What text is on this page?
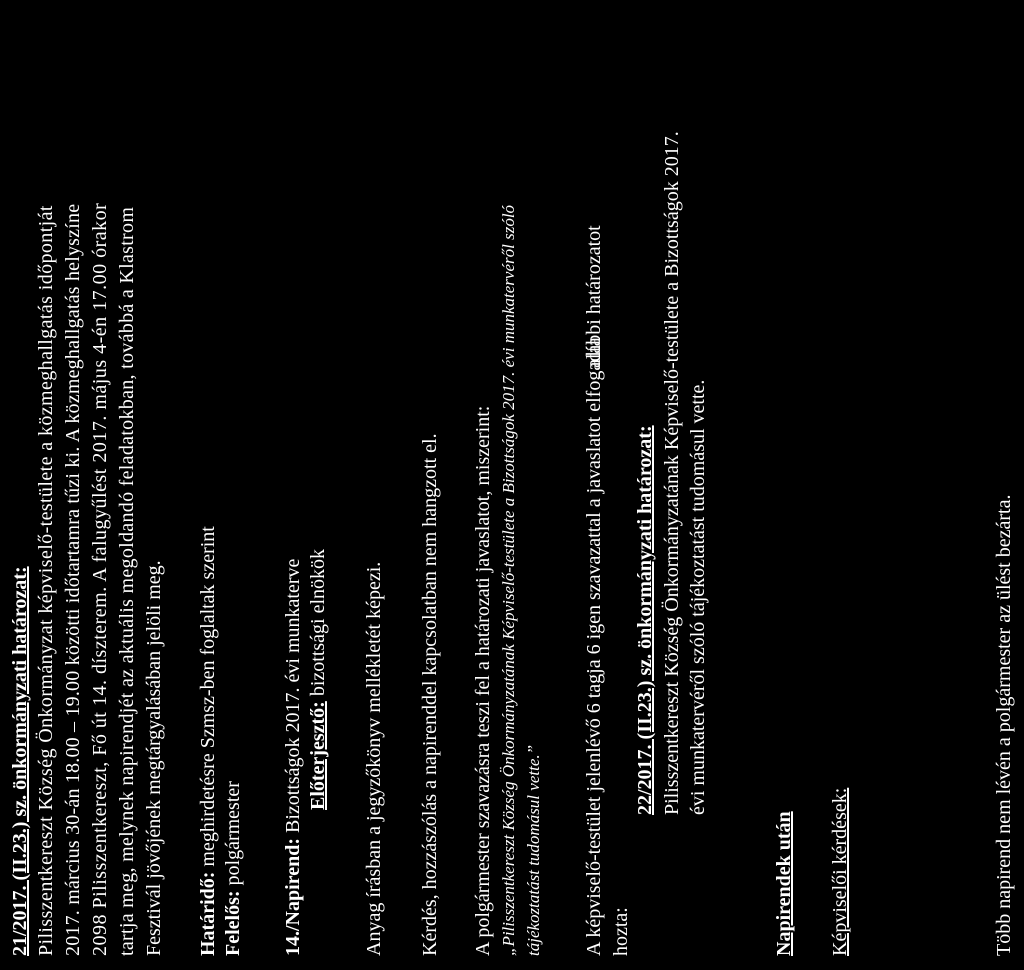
21/2017. (II.23.) sz. önkormányzati határozat: Pilisszentkereszt Község Önkormányzat képviselő-testülete a közmeghallgatás időpontját 2017. március 30-án 18.00 – 19.00 közötti időtartamra tűzi ki. A közmeghallgatás helyszíne 2098 Pilisszentkereszt, Fő út 14. díszterem. A falugyűlést 2017. május 4-én 17.00 órakor tartja meg, melynek napirendjét az aktuális megoldandó feladatokban, továbbá a Klastrom Fesztivál jövőjének megtárgyalásában jelöli meg. Határidő: meghirdetésre Szmsz-ben foglaltak szerint
Felelős: polgármester
14./Napirend: Bizottságok 2017. évi munkaterve Előterjesztő: bizottsági elnökök Anyag írásban a jegyzőkönyv mellékletét képezi. Kérdés, hozzászólás a napirenddel kapcsolatban nem hangzott el. A polgármester szavazásra teszi fel a határozati javaslatot, miszerint: „Pilisszentkereszt Község Önkormányzatának Képviselő-testülete a Bizottságok 2017. évi munkatervéről szóló tájékoztatást tudomásul vette.” A képviselő-testület jelenlévő 6 tagja 6 igen szavazattal a javaslatot elfogadta
alábbi határozatot
hozta:
22/2017. (II.23.) sz. önkormányzati határozat: Pilisszentkereszt Község Önkormányzatának Képviselő-testülete a Bizottságok 2017. évi munkatervéről szóló tájékoztatást tudomásul vette.
Napirendek után Képviselői kérdések:	Több napirend nem lévén a polgármester az ülést bezárta.
